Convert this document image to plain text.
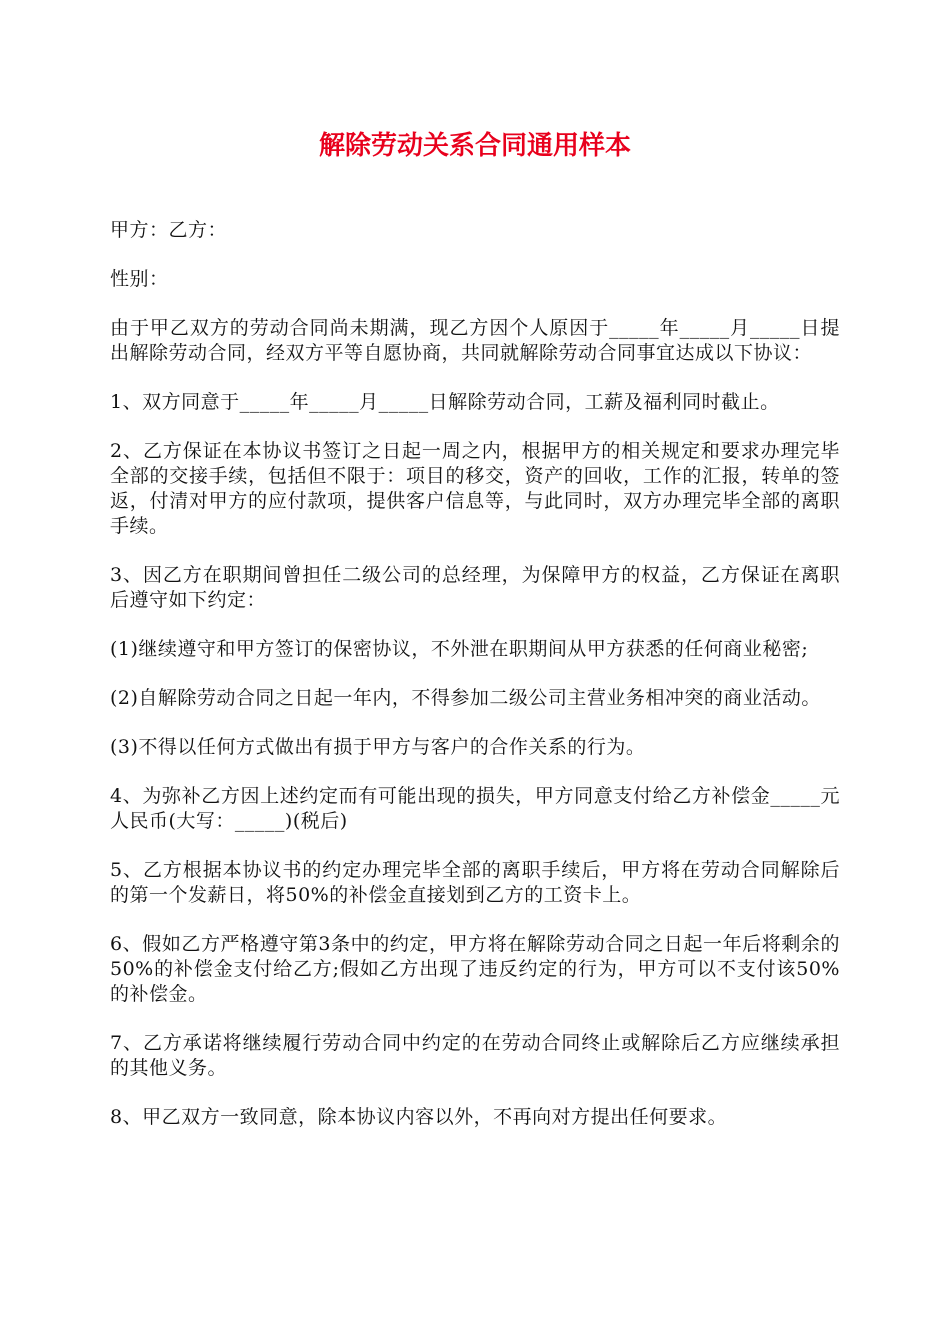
解除劳动关系合同通用样本

甲方：乙方：

性别：

由于甲乙双方的劳动合同尚未期满，现乙方因个人原因于_____年_____月_____日提出解除劳动合同，经双方平等自愿协商，共同就解除劳动合同事宜达成以下协议：

1、双方同意于_____年_____月_____日解除劳动合同，工薪及福利同时截止。

2、乙方保证在本协议书签订之日起一周之内，根据甲方的相关规定和要求办理完毕全部的交接手续，包括但不限于：项目的移交，资产的回收，工作的汇报，转单的签返，付清对甲方的应付款项，提供客户信息等，与此同时，双方办理完毕全部的离职手续。

3、因乙方在职期间曾担任二级公司的总经理，为保障甲方的权益，乙方保证在离职后遵守如下约定：

(1)继续遵守和甲方签订的保密协议，不外泄在职期间从甲方获悉的任何商业秘密;

(2)自解除劳动合同之日起一年内，不得参加二级公司主营业务相冲突的商业活动。

(3)不得以任何方式做出有损于甲方与客户的合作关系的行为。

4、为弥补乙方因上述约定而有可能出现的损失，甲方同意支付给乙方补偿金_____元人民币(大写：_____)(税后)

5、乙方根据本协议书的约定办理完毕全部的离职手续后，甲方将在劳动合同解除后的第一个发薪日，将50%的补偿金直接划到乙方的工资卡上。

6、假如乙方严格遵守第3条中的约定，甲方将在解除劳动合同之日起一年后将剩余的50%的补偿金支付给乙方;假如乙方出现了违反约定的行为，甲方可以不支付该50%的补偿金。

7、乙方承诺将继续履行劳动合同中约定的在劳动合同终止或解除后乙方应继续承担的其他义务。

8、甲乙双方一致同意，除本协议内容以外，不再向对方提出任何要求。
